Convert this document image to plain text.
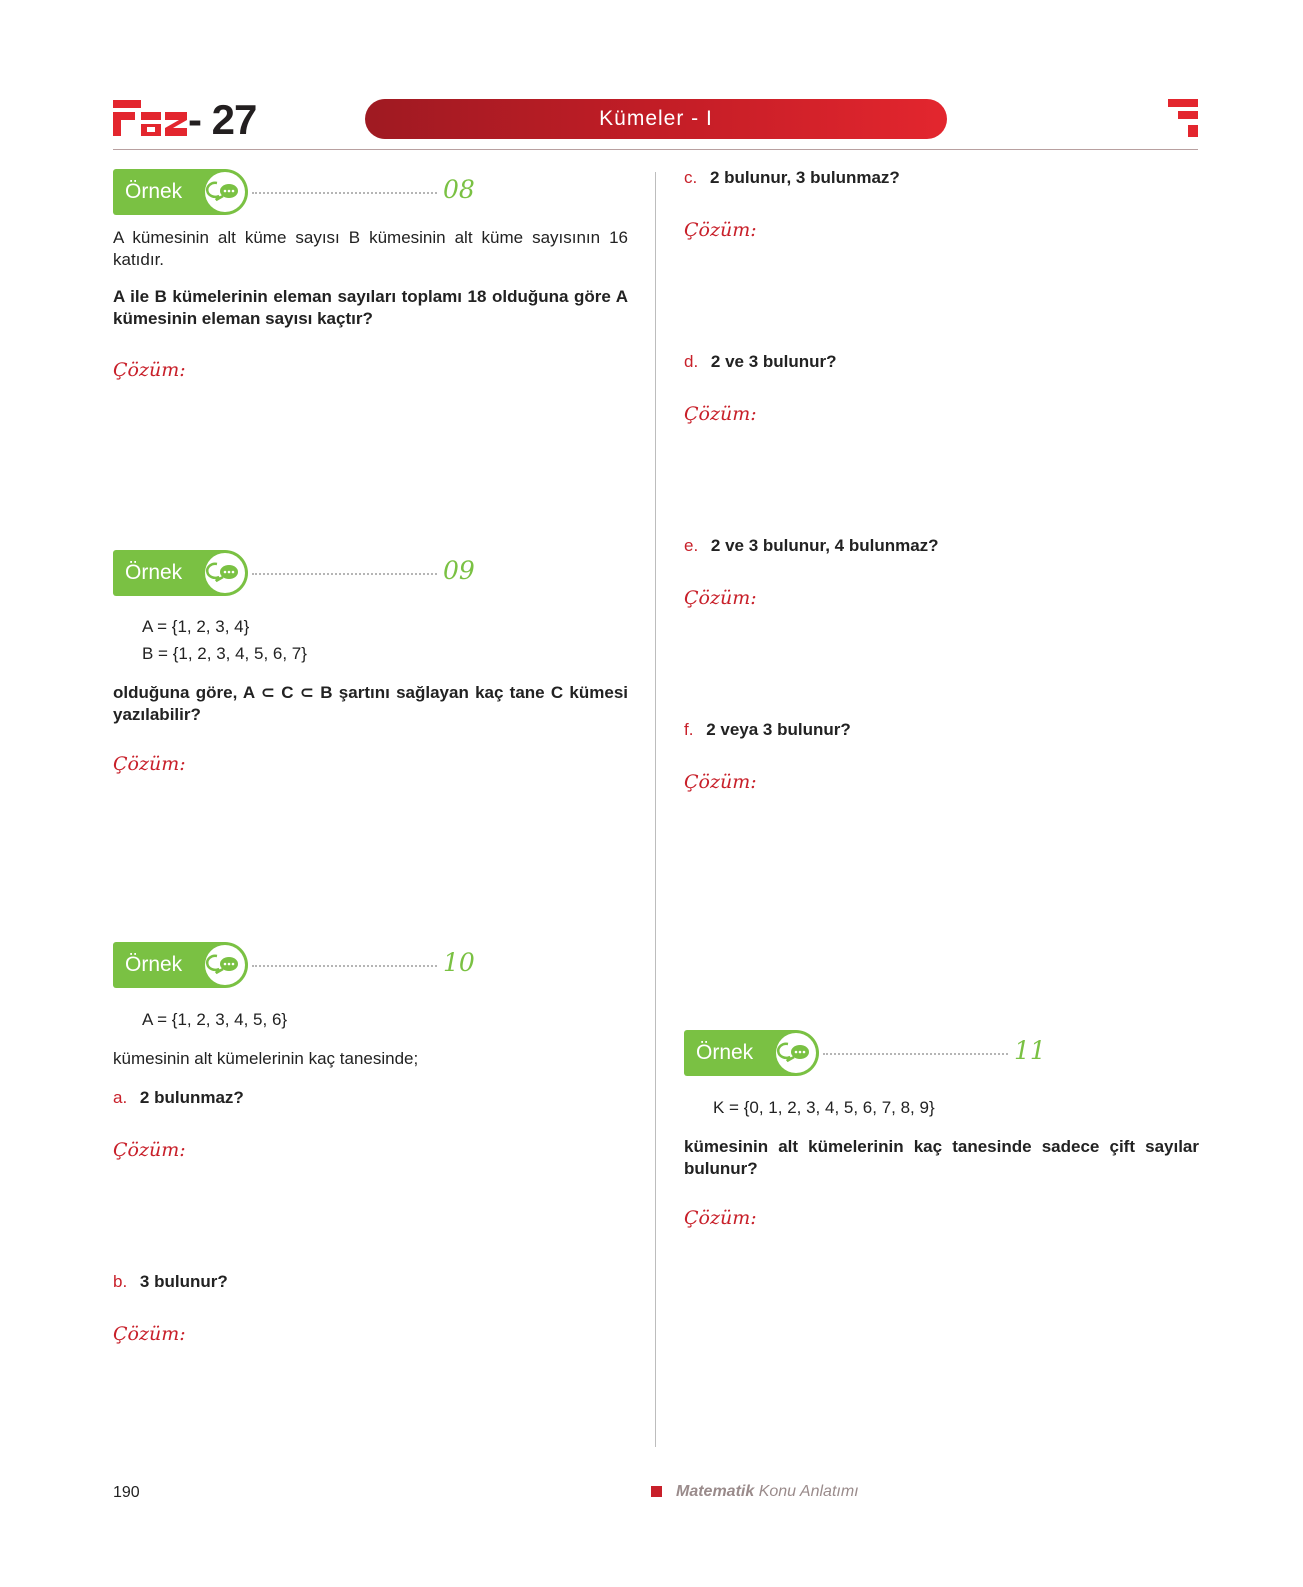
- 27	Kümeler - I
Örnek	08
A kümesinin alt küme sayısı B kümesinin alt küme sayısının 16 katıdır.
A ile B kümelerinin eleman sayıları toplamı 18 olduğuna göre A kümesinin eleman sayısı kaçtır?
Çözüm:
Örnek	09
A = {1, 2, 3, 4}
B = {1, 2, 3, 4, 5, 6, 7}
olduğuna göre, A ⊂ C ⊂ B şartını sağlayan kaç tane C kümesi yazılabilir?
Çözüm:
Örnek	10
A = {1, 2, 3, 4, 5, 6}
kümesinin alt kümelerinin kaç tanesinde;
a. 2 bulunmaz?
Çözüm:
b. 3 bulunur?
Çözüm:
c. 2 bulunur, 3 bulunmaz?
Çözüm:
d. 2 ve 3 bulunur?
Çözüm:
e. 2 ve 3 bulunur, 4 bulunmaz?
Çözüm:
f. 2 veya 3 bulunur?
Çözüm:
Örnek	11
K = {0, 1, 2, 3, 4, 5, 6, 7, 8, 9}
kümesinin alt kümelerinin kaç tanesinde sadece çift sayılar bulunur?
Çözüm:
190	Matematik Konu Anlatımı
